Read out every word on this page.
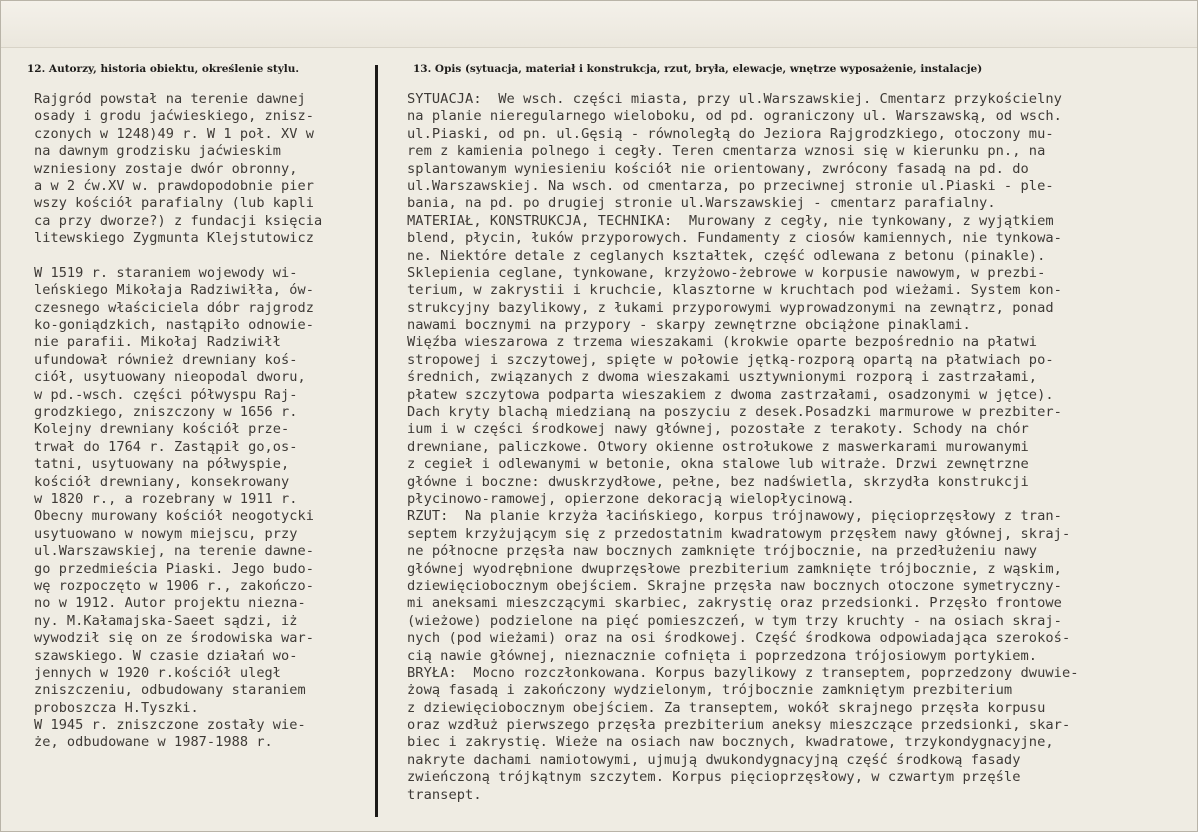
12. Autorzy, historia obiektu, określenie stylu.	13. Opis (sytuacja, materiał i konstrukcja, rzut, bryła, elewacje, wnętrze wyposażenie, instalacje)
Rajgród powstał na terenie dawnej
osady i grodu jaćwieskiego, znisz-
czonych w 1248)49 r. W 1 poł. XV w
na dawnym grodzisku jaćwieskim
wzniesiony zostaje dwór obronny,
a w 2 ćw.XV w. prawdopodobnie pier
wszy kościół parafialny (lub kapli
ca przy dworze?) z fundacji księcia
litewskiego Zygmunta Klejstutowicz
W 1519 r. staraniem wojewody wi-
leńskiego Mikołaja Radziwiłła, ów-
czesnego właściciela dóbr rajgrodz
ko-goniądzkich, nastąpiło odnowie-
nie parafii. Mikołaj Radziwiłł
ufundował również drewniany koś-
ciół, usytuowany nieopodal dworu,
w pd.-wsch. części półwyspu Raj-
grodzkiego, zniszczony w 1656 r.
Kolejny drewniany kościół prze-
trwał do 1764 r. Zastąpił go,os-
tatni, usytuowany na półwyspie,
kościół drewniany, konsekrowany
w 1820 r., a rozebrany w 1911 r.
Obecny murowany kościół neogotycki
usytuowano w nowym miejscu, przy
ul.Warszawskiej, na terenie dawne-
go przedmieścia Piaski. Jego budo-
wę rozpoczęto w 1906 r., zakończo-
no w 1912. Autor projektu niezna-
ny. M.Kałamajska-Saeet sądzi, iż
wywodził się on ze środowiska war-
szawskiego. W czasie działań wo-
jennych w 1920 r.kościół uległ
zniszczeniu, odbudowany staraniem
proboszcza H.Tyszki.
W 1945 r. zniszczone zostały wie-
że, odbudowane w 1987-1988 r.
SYTUACJA:  We wsch. części miasta, przy ul.Warszawskiej. Cmentarz przykościelny
na planie nieregularnego wieloboku, od pd. ograniczony ul. Warszawską, od wsch.
ul.Piaski, od pn. ul.Gęsią - równoległą do Jeziora Rajgrodzkiego, otoczony mu-
rem z kamienia polnego i cegły. Teren cmentarza wznosi się w kierunku pn., na
splantowanym wyniesieniu kościół nie orientowany, zwrócony fasadą na pd. do
ul.Warszawskiej. Na wsch. od cmentarza, po przeciwnej stronie ul.Piaski - ple-
bania, na pd. po drugiej stronie ul.Warszawskiej - cmentarz parafialny.
MATERIAŁ, KONSTRUKCJA, TECHNIKA:  Murowany z cegły, nie tynkowany, z wyjątkiem
blend, płycin, łuków przyporowych. Fundamenty z ciosów kamiennych, nie tynkowa-
ne. Niektóre detale z ceglanych kształtek, część odlewana z betonu (pinakle).
Sklepienia ceglane, tynkowane, krzyżowo-żebrowe w korpusie nawowym, w prezbi-
terium, w zakrystii i kruchcie, klasztorne w kruchtach pod wieżami. System kon-
strukcyjny bazylikowy, z łukami przyporowymi wyprowadzonymi na zewnątrz, ponad
nawami bocznymi na przypory - skarpy zewnętrzne obciążone pinaklami.
Więźba wieszarowa z trzema wieszakami (krokwie oparte bezpośrednio na płatwi
stropowej i szczytowej, spięte w połowie jętką-rozporą opartą na płatwiach po-
średnich, związanych z dwoma wieszakami usztywnionymi rozporą i zastrzałami,
płatew szczytowa podparta wieszakiem z dwoma zastrzałami, osadzonymi w jętce).
Dach kryty blachą miedzianą na poszyciu z desek.Posadzki marmurowe w prezbiter-
ium i w części środkowej nawy głównej, pozostałe z terakoty. Schody na chór
drewniane, paliczkowe. Otwory okienne ostrołukowe z maswerkarami murowanymi
z cegieł i odlewanymi w betonie, okna stalowe lub witraże. Drzwi zewnętrzne
główne i boczne: dwuskrzydłowe, pełne, bez nadświetla, skrzydła konstrukcji
płycinowo-ramowej, opierzone dekoracją wielopłycinową.
RZUT:  Na planie krzyża łacińskiego, korpus trójnawowy, pięcioprzęsłowy z tran-
septem krzyżującym się z przedostatnim kwadratowym przęsłem nawy głównej, skraj-
ne północne przęsła naw bocznych zamknięte trójbocznie, na przedłużeniu nawy
głównej wyodrębnione dwuprzęsłowe prezbiterium zamknięte trójbocznie, z wąskim,
dziewięciobocznym obejściem. Skrajne przęsła naw bocznych otoczone symetryczny-
mi aneksami mieszczącymi skarbiec, zakrystię oraz przedsionki. Przęsło frontowe
(wieżowe) podzielone na pięć pomieszczeń, w tym trzy kruchty - na osiach skraj-
nych (pod wieżami) oraz na osi środkowej. Część środkowa odpowiadająca szerokoś-
cią nawie głównej, nieznacznie cofnięta i poprzedzona trójosiowym portykiem.
BRYŁA:  Mocno rozczłonkowana. Korpus bazylikowy z transeptem, poprzedzony dwuwie-
żową fasadą i zakończony wydzielonym, trójbocznie zamkniętym prezbiterium
z dziewięciobocznym obejściem. Za transeptem, wokół skrajnego przęsła korpusu
oraz wzdłuż pierwszego przęsła prezbiterium aneksy mieszczące przedsionki, skar-
biec i zakrystię. Wieże na osiach naw bocznych, kwadratowe, trzykondygnacyjne,
nakryte dachami namiotowymi, ujmują dwukondygnacyjną część środkową fasady
zwieńczoną trójkątnym szczytem. Korpus pięcioprzęsłowy, w czwartym przęśle
transept.
